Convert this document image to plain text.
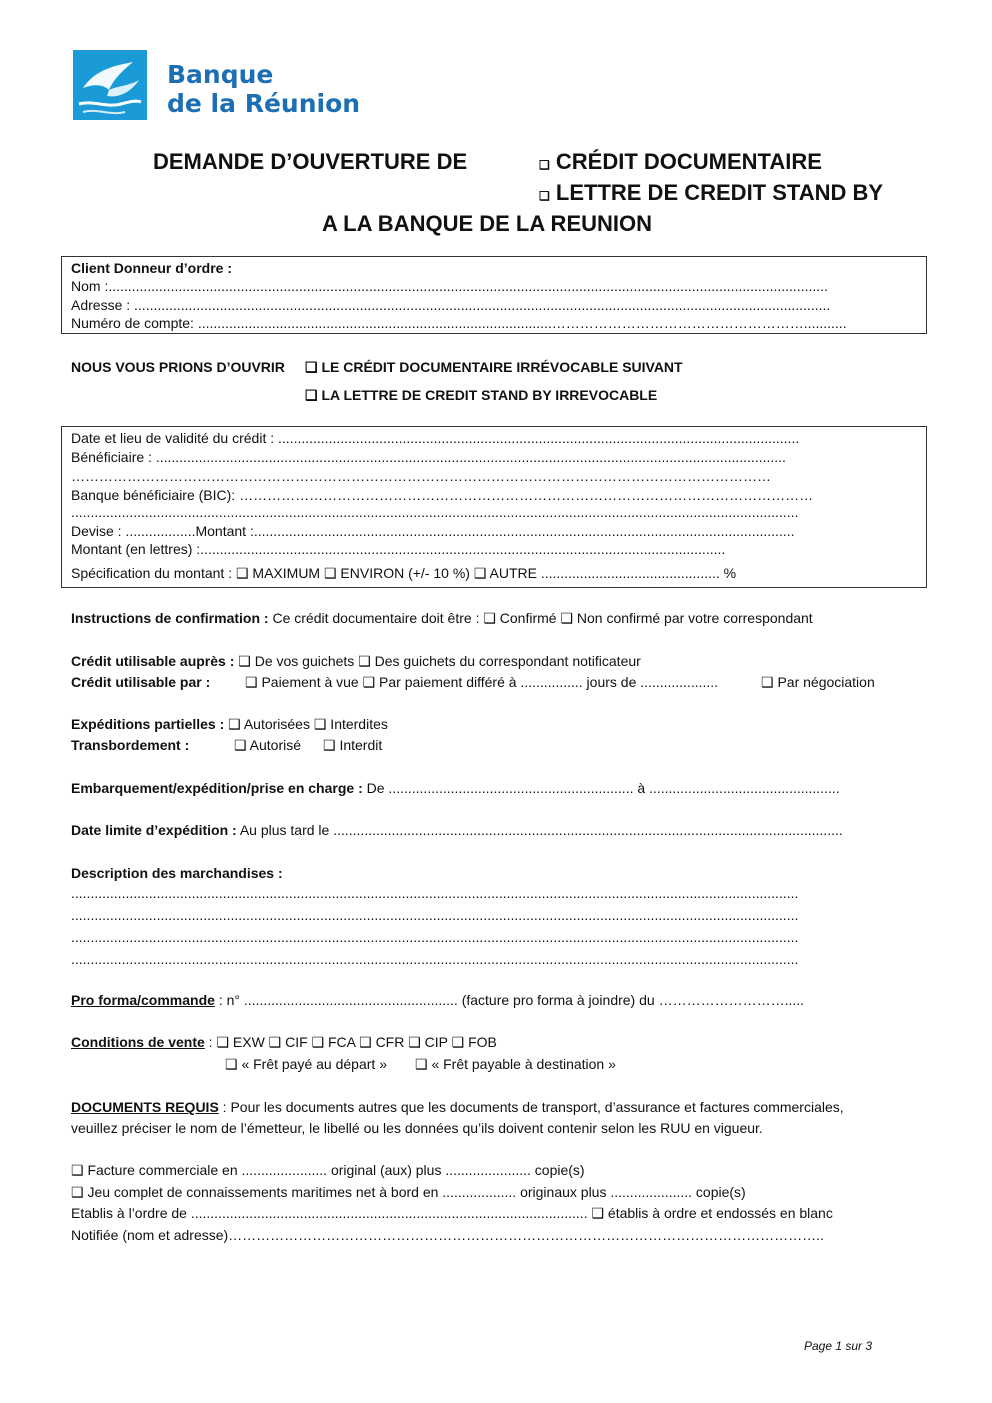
Banque
de la Réunion
DEMANDE D’OUVERTURE DE	❑ CRÉDIT DOCUMENTAIRE
❑ LETTRE DE CREDIT STAND BY
A LA BANQUE DE LA REUNION
Client Donneur d’ordre :
Nom :.........................................................................................................................................................................................
Adresse : ...................................................................................................................................................................................
Numéro de compte: ...........................................................................................………………………………………………...........
NOUS VOUS PRIONS D’OUVRIR ❑ LE CRÉDIT DOCUMENTAIRE IRRÉVOCABLE SUIVANT
❑ LA LETTRE DE CREDIT STAND BY IRREVOCABLE
Date et lieu de validité du crédit : ......................................................................................................................................
Bénéficiaire : ..................................................................................................................................................................
……………………………………………………………………………………………………………………………………
Banque bénéficiaire (BIC): ……………………………………………………………………………………………………………
...........................................................................................................................................................................................
Devise : ..................Montant :...........................................................................................................................................
Montant (en lettres) :.......................................................................................................................................
Spécification du montant : ❑ MAXIMUM ❑ ENVIRON (+/- 10 %) ❑ AUTRE .............................................. %
Instructions de confirmation : Ce crédit documentaire doit être : ❑ Confirmé ❑ Non confirmé par votre correspondant
Crédit utilisable auprès : ❑ De vos guichets ❑ Des guichets du correspondant notificateur
Crédit utilisable par : ❑ Paiement à vue ❑ Par paiement différé à ................ jours de ....................	❑ Par négociation
Expéditions partielles : ❑ Autorisées ❑ Interdites
Transbordement :	❑ Autorisé ❑ Interdit
Embarquement/expédition/prise en charge : De ............................................................... à .................................................
Date limite d’expédition : Au plus tard le ...................................................................................................................................
Description des marchandises :
...........................................................................................................................................................................................
...........................................................................................................................................................................................
...........................................................................................................................................................................................
...........................................................................................................................................................................................
Pro forma/commande : n° ....................................................... (facture pro forma à joindre) du ……………………….....
Conditions de vente : ❑ EXW ❑ CIF ❑ FCA ❑ CFR ❑ CIP ❑ FOB
❑ « Frêt payé au départ » ❑ « Frêt payable à destination »
DOCUMENTS REQUIS : Pour les documents autres que les documents de transport, d’assurance et factures commerciales,
veuillez préciser le nom de l’émetteur, le libellé ou les données qu’ils doivent contenir selon les RUU en vigueur.
❑ Facture commerciale en ...................... original (aux) plus ...................... copie(s)
❑ Jeu complet de connaissements maritimes net à bord en ................... originaux plus ..................... copie(s)
Etablis à l’ordre de ...................................................................................................... ❑ établis à ordre et endossés en blanc
Notifiée (nom et adresse)………………………………………………………………………………………………………………..
Page 1 sur 3
